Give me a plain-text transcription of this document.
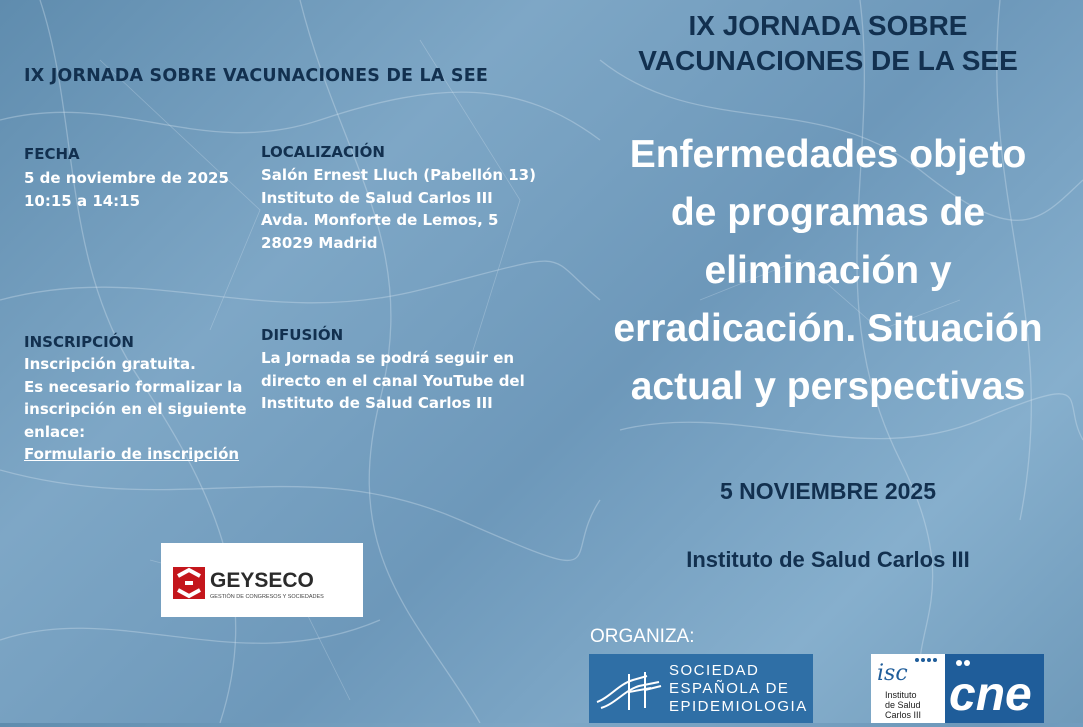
IX JORNADA SOBRE VACUNACIONES DE LA SEE
FECHA
5 de noviembre de 2025
10:15 a 14:15
LOCALIZACIÓN
Salón Ernest Lluch (Pabellón 13)
Instituto de Salud Carlos III
Avda. Monforte de Lemos, 5
28029 Madrid
INSCRIPCIÓN
Inscripción gratuita.
Es necesario formalizar la
inscripción en el siguiente
enlace:
Formulario de inscripción
DIFUSIÓN
La Jornada se podrá seguir en
directo en el canal YouTube del
Instituto de Salud Carlos III
GEYSECO
GESTIÓN DE CONGRESOS Y SOCIEDADES
IX JORNADA SOBRE
VACUNACIONES DE LA SEE
Enfermedades objeto
de programas de
eliminación y
erradicación. Situación
actual y perspectivas
5 NOVIEMBRE 2025
Instituto de Salud Carlos III
ORGANIZA:
SOCIEDAD
ESPAÑOLA DE
EPIDEMIOLOGIA
isc
Instituto
de Salud
Carlos III cne
